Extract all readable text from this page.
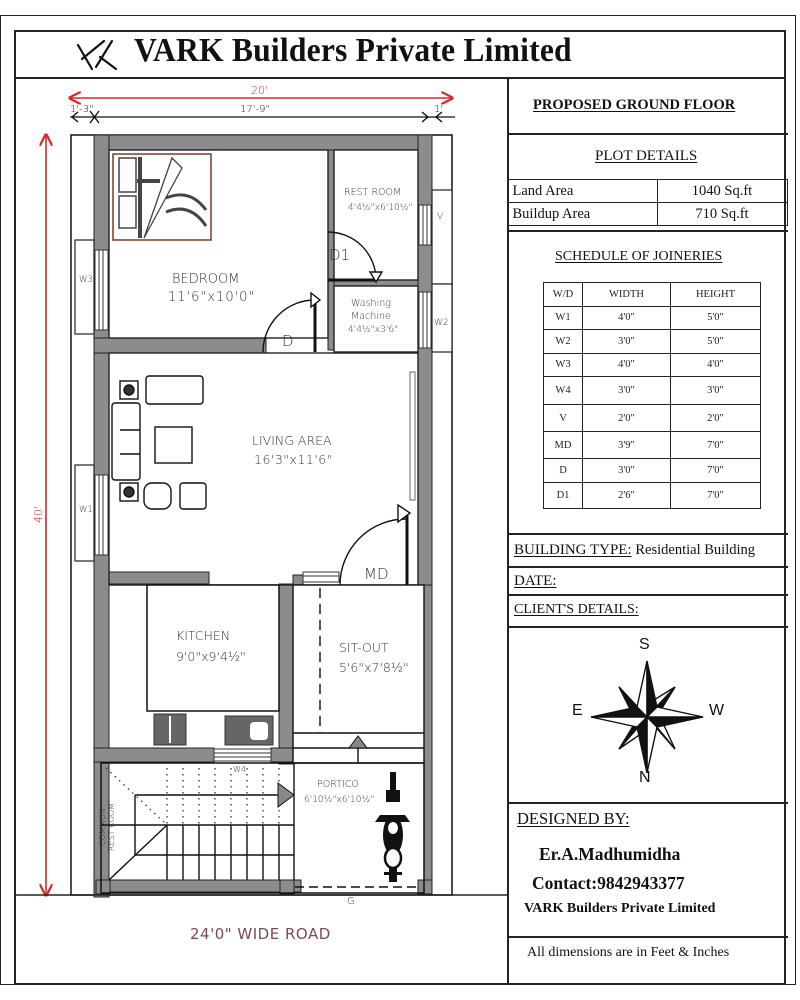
VARK Builders Private Limited
20'
1'-3"	17'-9"	1'
40'
BEDROOM
11'6"x10'0"
REST ROOM
4'4½"x6'10½"
Washing
Machine
4'4½"x3'6"
LIVING AREA
16'3"x11'6"
KITCHEN
9'0"x9'4½"
SIT-OUT
5'6"x7'8½"
PORTICO
6'10½"x6'10½"
COMMON REST ROOM
W3
W1
V
W2
W4
D
D1
MD
G
24'0" WIDE ROAD
PROPOSED GROUND FLOOR
PLOT DETAILS
Land Area	1040 Sq.ft
Buildup Area	710 Sq.ft
SCHEDULE OF JOINERIES
W/D	WIDTH	HEIGHT
W1	4'0"	5'0"
W2	3'0"	5'0"
W3	4'0"	4'0"
W4	3'0"	3'0"
V	2'0"	2'0"
MD	3'9"	7'0"
D	3'0"	7'0"
D1	2'6"	7'0"
BUILDING TYPE: Residential Building
DATE:
CLIENT'S DETAILS:
S
N
E	W
DESIGNED BY:
Er.A.Madhumidha
Contact:9842943377
VARK Builders Private Limited
All dimensions are in Feet & Inches
